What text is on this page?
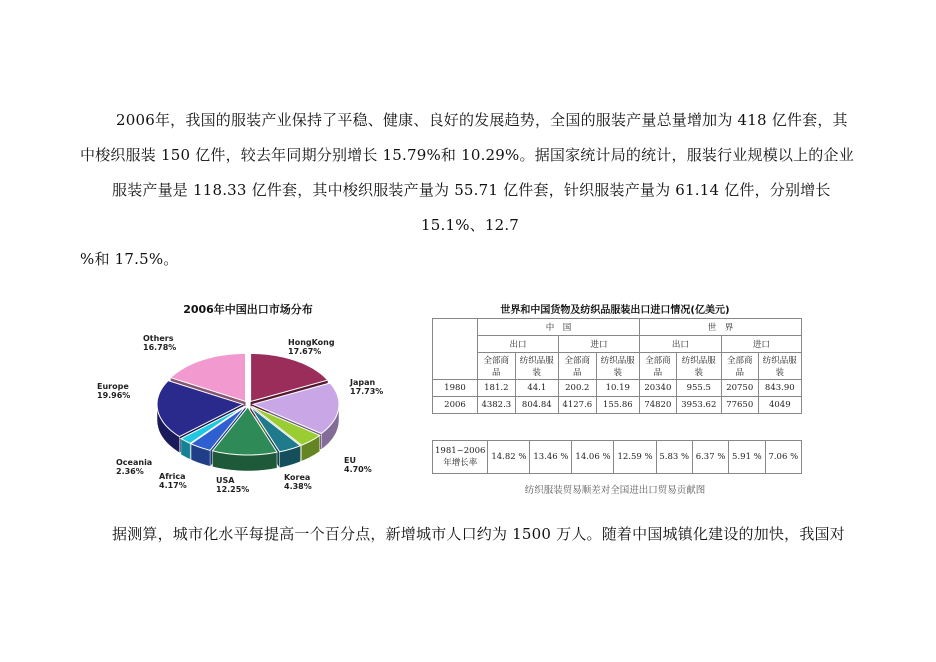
2006年，我国的服装产业保持了平稳、健康、良好的发展趋势，全国的服装产量总量增加为 418 亿件套，其
中梭织服装 150 亿件，较去年同期分别增长 15.79%和 10.29%。据国家统计局的统计，服装行业规模以上的企业
服装产量是 118.33 亿件套，其中梭织服装产量为 55.71 亿件套，针织服装产量为 61.14 亿件，分别增长
15.1%、12.7
%和 17.5%。
2006年中国出口市场分布
HongKong
17.67%
Japan
17.73%
EU
4.70%
Korea
4.38%
USA
12.25%
Africa
4.17%
Oceania
2.36%
Europe
19.96%
Others
16.78%
世界和中国货物及纺织品服装出口进口情况(亿美元)
	中　国				世　界			
	出口		进口		出口		进口	
	全部商品	纺织品服装	全部商品	纺织品服装	全部商品	纺织品服装	全部商品	纺织品服装
1980	181.2	44.1	200.2	10.19	20340	955.5	20750	843.90
2006	4382.3	804.84	4127.6	155.86	74820	3953.62	77650	4049
1981~2006 年增长率	14.82 %	13.46 %	14.06 %	12.59 %	5.83 %	6.37 %	5.91 %	7.06 %
纺织服装贸易顺差对全国进出口贸易贡献图
据测算，城市化水平每提高一个百分点，新增城市人口约为 1500 万人。随着中国城镇化建设的加快，我国对
